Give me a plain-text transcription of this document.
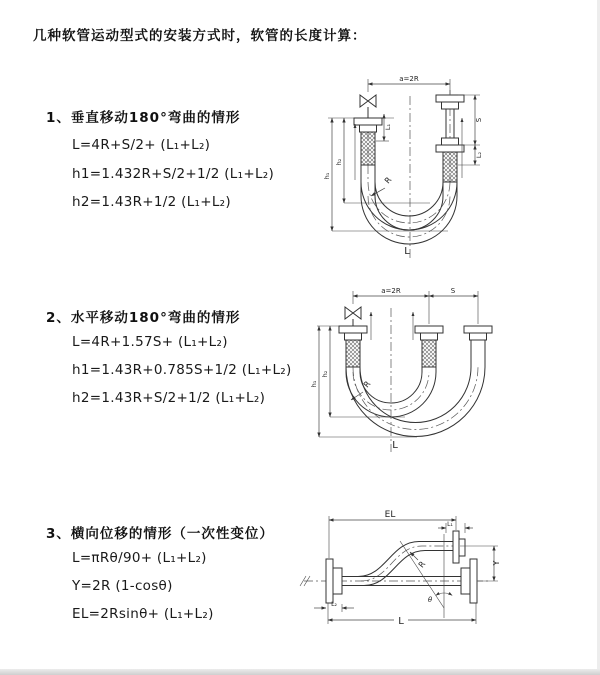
几种软管运动型式的安装方式时，软管的长度计算：
1、垂直移动180°弯曲的情形
L=4R+S/2+ (L₁+L₂)
h1=1.432R+S/2+1/2 (L₁+L₂)
h2=1.43R+1/2 (L₁+L₂)
2、水平移动180°弯曲的情形
L=4R+1.57S+ (L₁+L₂)
h1=1.43R+0.785S+1/2 (L₁+L₂)
h2=1.43R+S/2+1/2 (L₁+L₂)
3、横向位移的情形（一次性变位）
L=πRθ/90+ (L₁+L₂)
Y=2R (1-cosθ)
EL=2Rsinθ+ (L₁+L₂)
a=2R
L₁
h₂
h₁	R
L
S
L₂
a=2R	S
h₂
h₁	R
L
EL
L₁
Y
θ
R
L
L₂
